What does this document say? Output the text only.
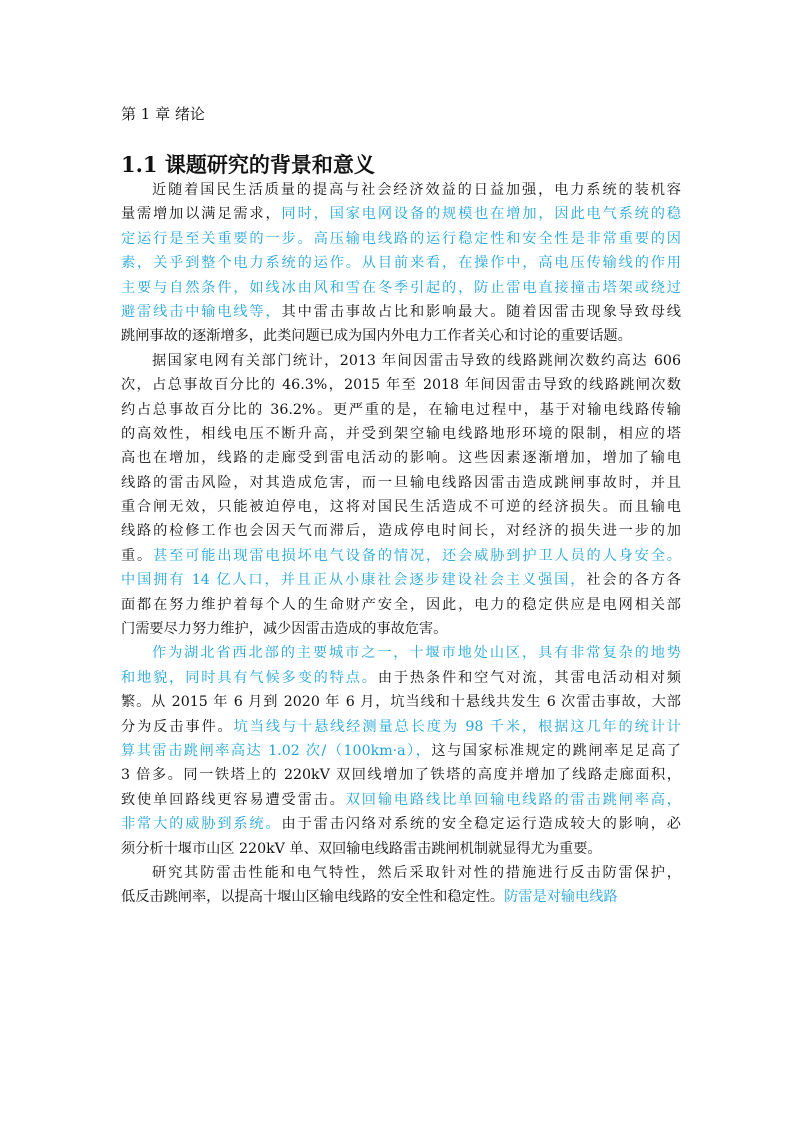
第 1 章 绪论
1.1 课题研究的背景和意义
近随着国民生活质量的提高与社会经济效益的日益加强，电力系统的装机容
量需增加以满足需求，同时，国家电网设备的规模也在增加，因此电气系统的稳
定运行是至关重要的一步。高压输电线路的运行稳定性和安全性是非常重要的因
素，关乎到整个电力系统的运作。从目前来看，在操作中，高电压传输线的作用
主要与自然条件，如线冰由风和雪在冬季引起的，防止雷电直接撞击塔架或绕过
避雷线击中输电线等，其中雷击事故占比和影响最大。随着因雷击现象导致母线
跳闸事故的逐渐增多，此类问题已成为国内外电力工作者关心和讨论的重要话题。
据国家电网有关部门统计，2013 年间因雷击导致的线路跳闸次数约高达 606
次，占总事故百分比的 46.3%，2015 年至 2018 年间因雷击导致的线路跳闸次数
约占总事故百分比的 36.2%。更严重的是，在输电过程中，基于对输电线路传输
的高效性，相线电压不断升高，并受到架空输电线路地形环境的限制，相应的塔
高也在增加，线路的走廊受到雷电活动的影响。这些因素逐渐增加，增加了输电
线路的雷击风险，对其造成危害，而一旦输电线路因雷击造成跳闸事故时，并且
重合闸无效，只能被迫停电，这将对国民生活造成不可逆的经济损失。而且输电
线路的检修工作也会因天气而滞后，造成停电时间长，对经济的损失进一步的加
重。甚至可能出现雷电损坏电气设备的情况，还会威胁到护卫人员的人身安全。
中国拥有 14 亿人口，并且正从小康社会逐步建设社会主义强国，社会的各方各
面都在努力维护着每个人的生命财产安全，因此，电力的稳定供应是电网相关部
门需要尽力努力维护，减少因雷击造成的事故危害。
作为湖北省西北部的主要城市之一，十堰市地处山区，具有非常复杂的地势
和地貌，同时具有气候多变的特点。由于热条件和空气对流，其雷电活动相对频
繁。从 2015 年 6 月到 2020 年 6 月，坑当线和十悬线共发生 6 次雷击事故，大部
分为反击事件。坑当线与十悬线经测量总长度为 98 千米，根据这几年的统计计
算其雷击跳闸率高达 1.02 次/（100km·a），这与国家标准规定的跳闸率足足高了
3 倍多。同一铁塔上的 220kV 双回线增加了铁塔的高度并增加了线路走廊面积，
致使单回路线更容易遭受雷击。双回输电路线比单回输电线路的雷击跳闸率高，
非常大的威胁到系统。由于雷击闪络对系统的安全稳定运行造成较大的影响，必
须分析十堰市山区 220kV 单、双回输电线路雷击跳闸机制就显得尤为重要。
研究其防雷击性能和电气特性，然后采取针对性的措施进行反击防雷保护，
低反击跳闸率，以提高十堰山区输电线路的安全性和稳定性。防雷是对输电线路
